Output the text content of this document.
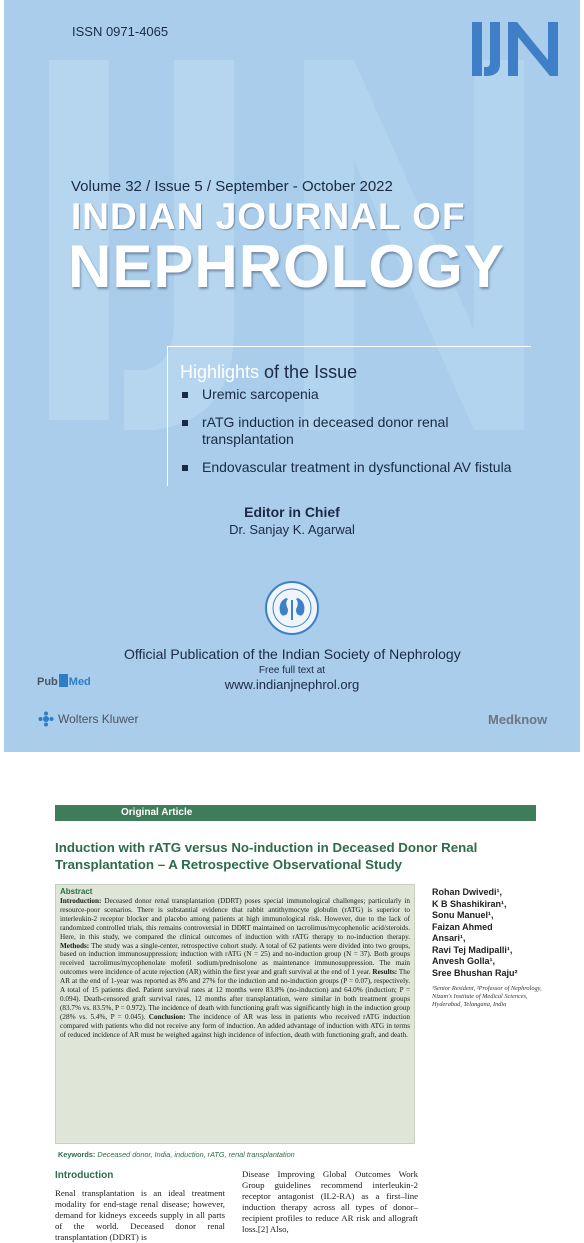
ISSN 0971-4065
Volume 32 / Issue 5 / September - October 2022
INDIAN JOURNAL OF
NEPHROLOGY
Highlights of the Issue
Uremic sarcopenia
rATG induction in deceased donor renal transplantation
Endovascular treatment in dysfunctional AV fistula
Editor in Chief
Dr. Sanjay K. Agarwal
Official Publication of the Indian Society of Nephrology
Free full text at
www.indianjnephrol.org
Pub Med
Wolters Kluwer	Medknow
Original Article
Induction with rATG versus No-induction in Deceased Donor Renal Transplantation – A Retrospective Observational Study
Abstract

Introduction: Deceased donor renal transplantation (DDRT) poses special immunological challenges; particularly in resource-poor scenarios. There is substantial evidence that rabbit antithymocyte globulin (rATG) is superior to interleukin-2 receptor blocker and placebo among patients at high immunological risk. However, due to the lack of randomized controlled trials, this remains controversial in DDRT maintained on tacrolimus/mycophenolic acid/steroids. Here, in this study, we compared the clinical outcomes of induction with rATG therapy to no-induction therapy. Methods: The study was a single-center, retrospective cohort study. A total of 62 patients were divided into two groups, based on induction immunosuppression; induction with rATG (N = 25) and no-induction group (N = 37). Both groups received tacrolimus/mycophenolate mofetil sodium/prednisolone as maintenance immunosuppression. The main outcomes were incidence of acute rejection (AR) within the first year and graft survival at the end of 1 year. Results: The AR at the end of 1-year was reported as 8% and 27% for the induction and no-induction groups (P = 0.07), respectively. A total of 15 patients died. Patient survival rates at 12 months were 83.8% (no-induction) and 64.0% (induction; P = 0.094). Death-censored graft survival rates, 12 months after transplantation, were similar in both treatment groups (83.7% vs. 83.5%, P = 0.972). The incidence of death with functioning graft was significantly high in the induction group (28% vs. 5.4%, P = 0.045). Conclusion: The incidence of AR was less in patients who received rATG induction compared with patients who did not receive any form of induction. An added advantage of induction with ATG in terms of reduced incidence of AR must be weighed against high incidence of infection, death with functioning graft, and death.

Keywords: Deceased donor, India, induction, rATG, renal transplantation
Rohan Dwivedi¹,
K B Shashikiran¹,
Sonu Manuel¹,
Faizan Ahmed
Ansari¹,
Ravi Tej Madipalli¹,
Anvesh Golla¹,
Sree Bhushan Raju²
¹Senior Resident, ²Professor of Nephrology, Nizam's Institute of Medical Sciences, Hyderabad, Telangana, India
Introduction

Renal transplantation is an ideal treatment modality for end-stage renal disease; however, demand for kidneys exceeds supply in all parts of the world. Deceased donor renal transplantation (DDRT) is

Disease Improving Global Outcomes Work Group guidelines recommend interleukin-2 receptor antagonist (IL2-RA) as a first–line induction therapy across all types of donor–recipient profiles to reduce AR risk and allograft loss.[2] Also,
